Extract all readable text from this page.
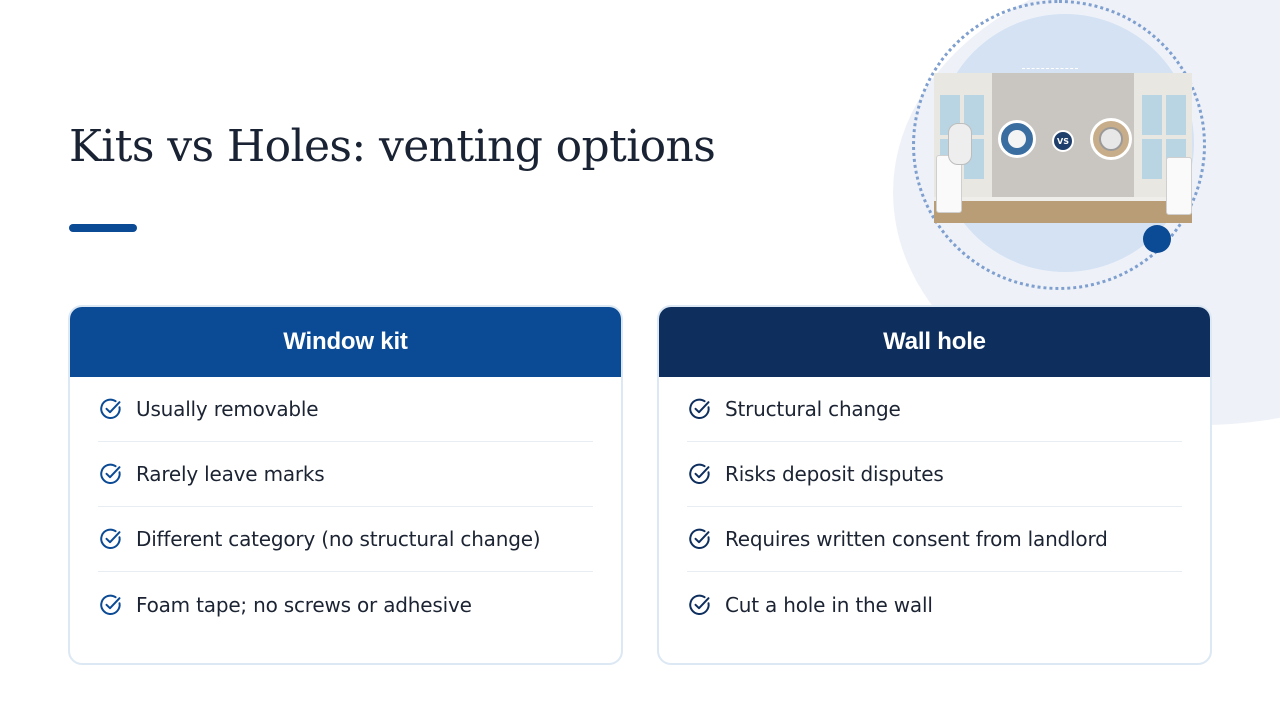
Kits vs Holes: venting options	VS
Window kit
Usually removable
Rarely leave marks
Different category (no structural change)
Foam tape; no screws or adhesive
Wall hole
Structural change
Risks deposit disputes
Requires written consent from landlord
Cut a hole in the wall
